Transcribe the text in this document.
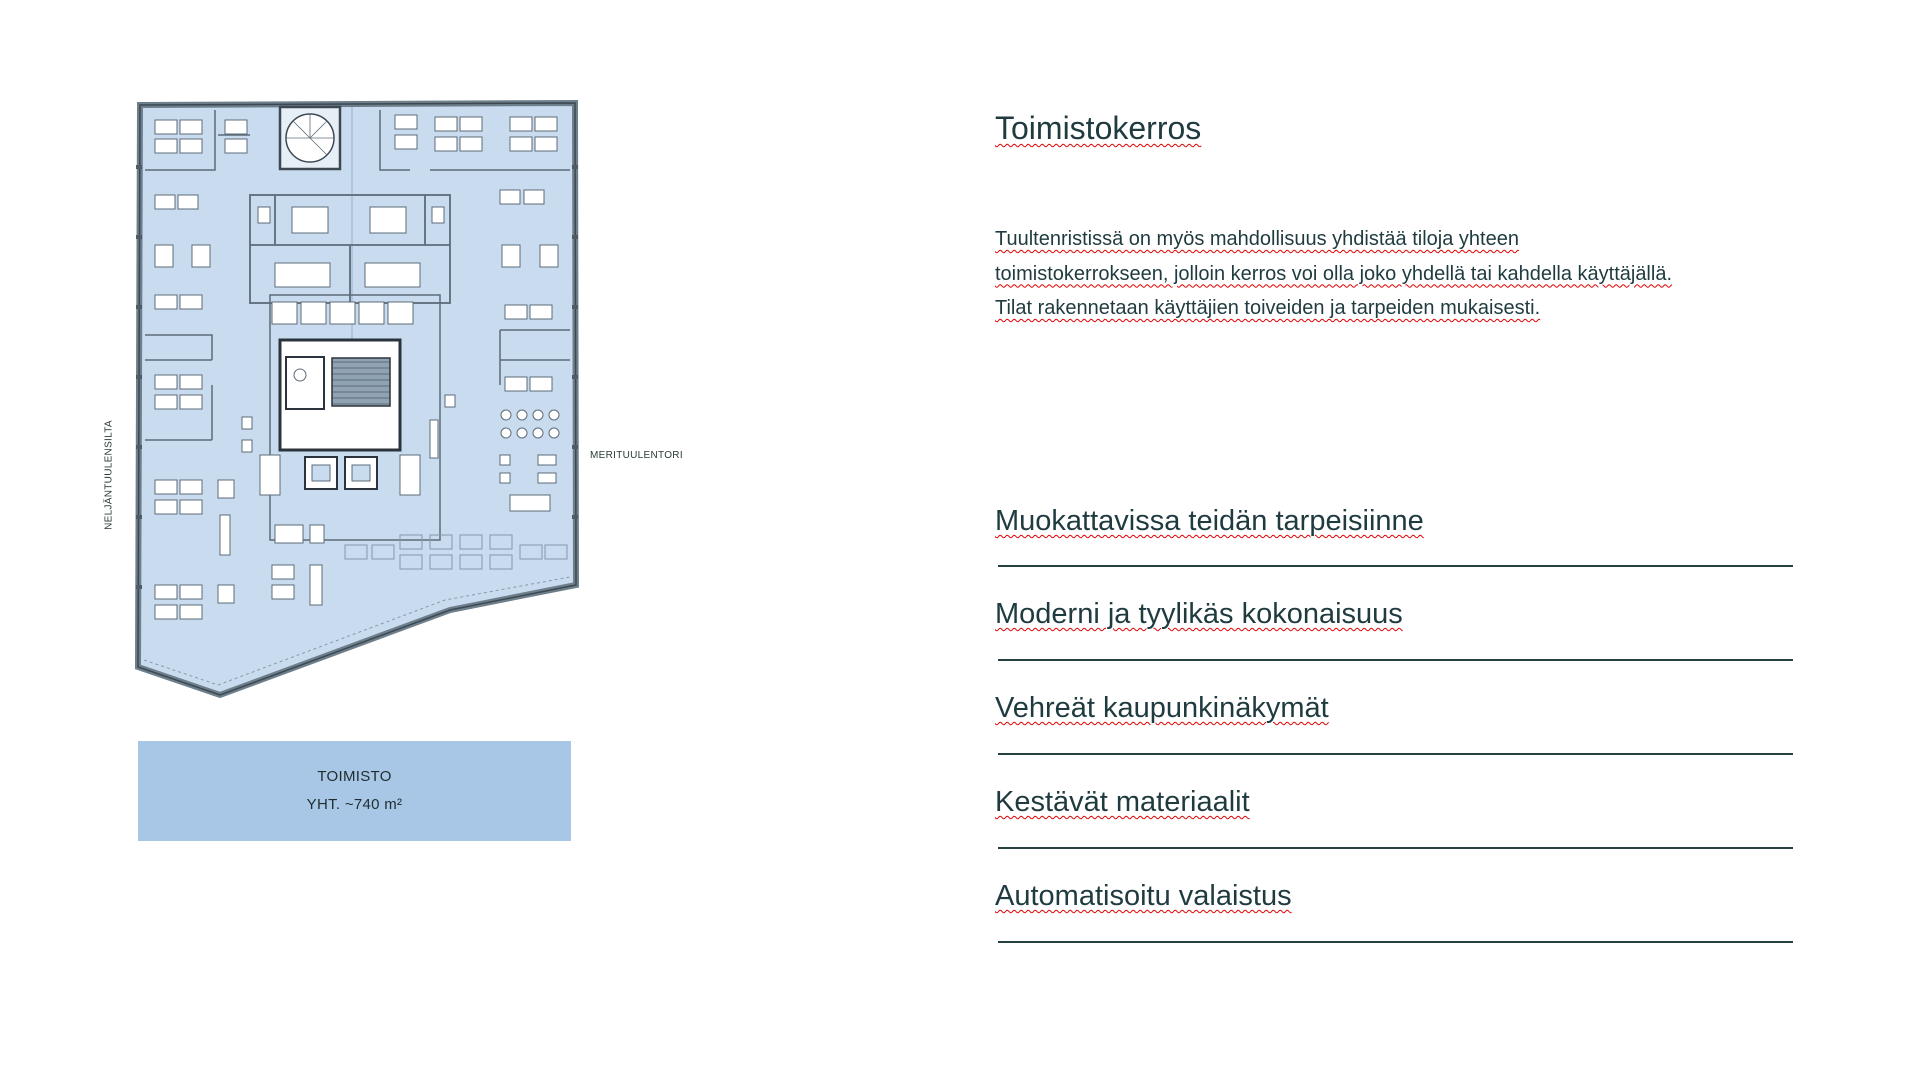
NELJÄNTUULENSILTA	MERITUULENTORI
TOIMISTO
YHT. ~740 m²
Toimistokerros

Tuultenristissä on myös mahdollisuus yhdistää tiloja yhteen toimistokerrokseen, jolloin kerros voi olla joko yhdellä tai kahdella käyttäjällä. Tilat rakennetaan käyttäjien toiveiden ja tarpeiden mukaisesti.

Muokattavissa teidän tarpeisiinne
Moderni ja tyylikäs kokonaisuus
Vehreät kaupunkinäkymät
Kestävät materiaalit
Automatisoitu valaistus
